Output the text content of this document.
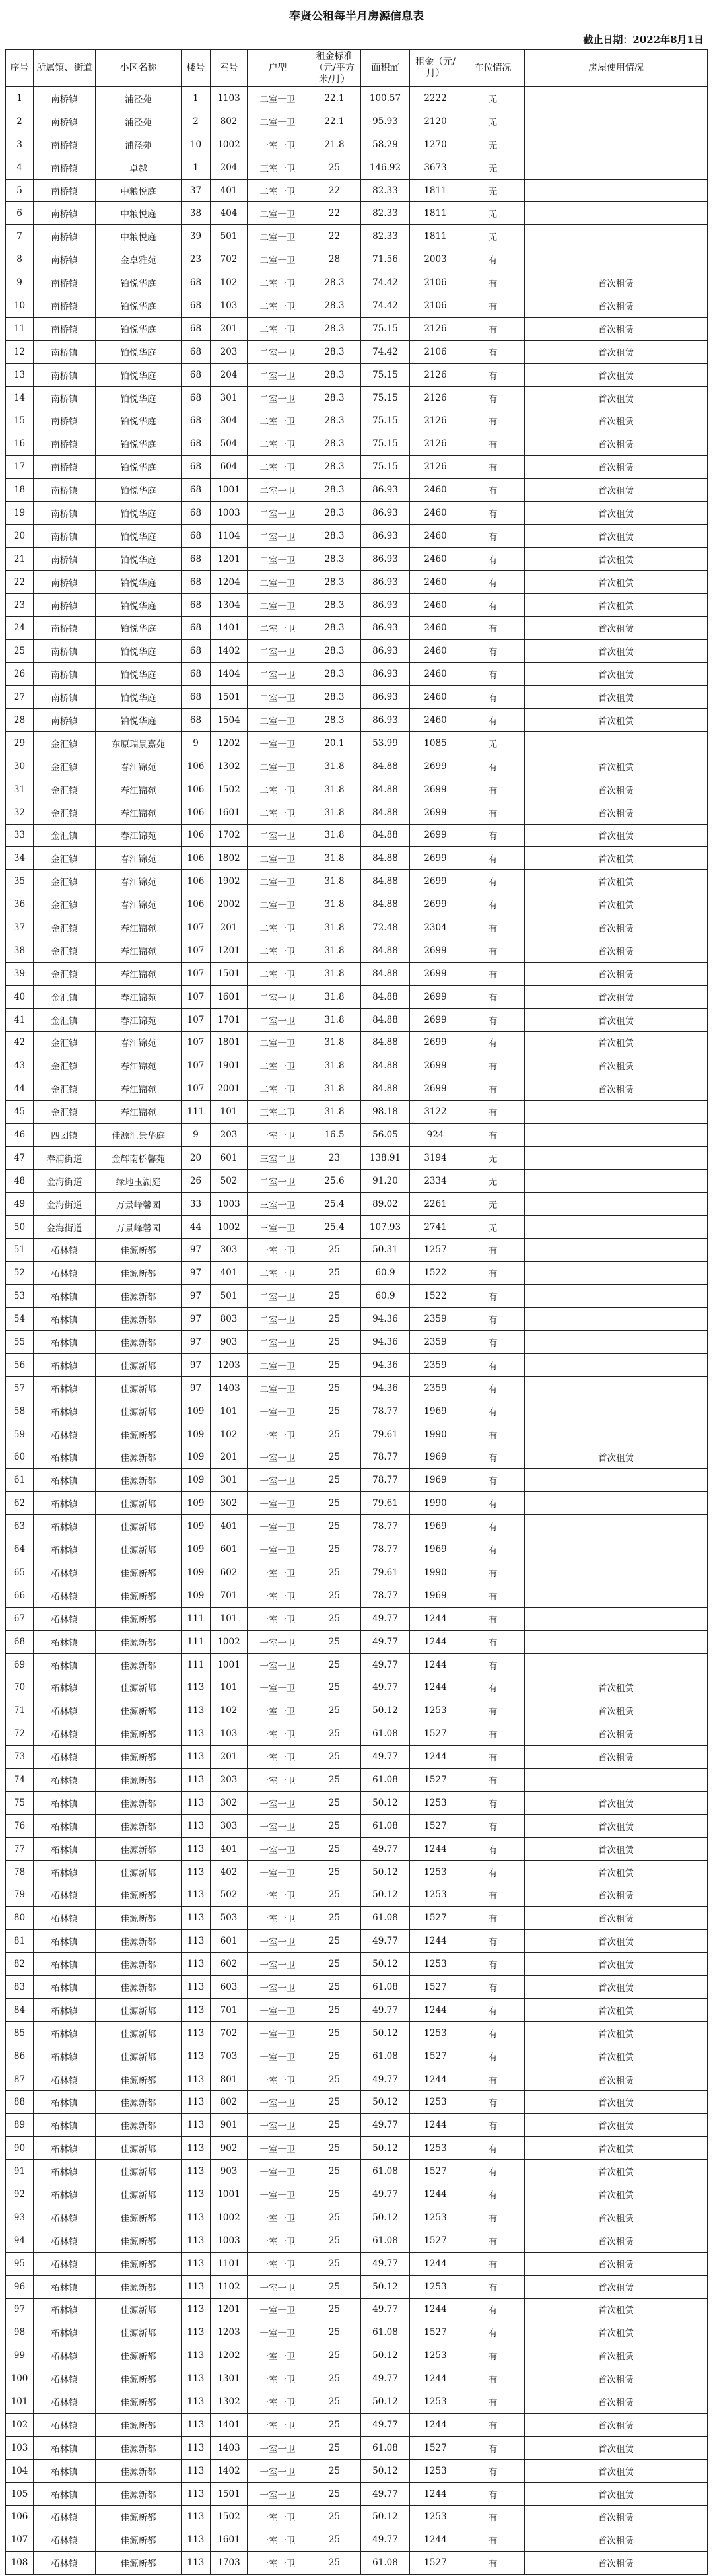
奉贤公租每半月房源信息表
截止日期：2022年8月1日
序号	所属镇、街道	小区名称	楼号	室号	户型	租金标准（元/平方米/月）	面积㎡	租金（元/月）	车位情况	房屋使用情况
1	南桥镇	浦泾苑	1	1103	二室一卫	22.1	100.57	2222	无	
2	南桥镇	浦泾苑	2	802	二室一卫	22.1	95.93	2120	无	
3	南桥镇	浦泾苑	10	1002	一室一卫	21.8	58.29	1270	无	
4	南桥镇	卓越	1	204	三室一卫	25	146.92	3673	无	
5	南桥镇	中粮悦庭	37	401	二室一卫	22	82.33	1811	无	
6	南桥镇	中粮悦庭	38	404	二室一卫	22	82.33	1811	无	
7	南桥镇	中粮悦庭	39	501	二室一卫	22	82.33	1811	无	
8	南桥镇	金卓雅苑	23	702	二室一卫	28	71.56	2003	有	
9	南桥镇	铂悦华庭	68	102	二室一卫	28.3	74.42	2106	有	首次租赁
10	南桥镇	铂悦华庭	68	103	二室一卫	28.3	74.42	2106	有	首次租赁
11	南桥镇	铂悦华庭	68	201	二室一卫	28.3	75.15	2126	有	首次租赁
12	南桥镇	铂悦华庭	68	203	二室一卫	28.3	74.42	2106	有	首次租赁
13	南桥镇	铂悦华庭	68	204	二室一卫	28.3	75.15	2126	有	首次租赁
14	南桥镇	铂悦华庭	68	301	二室一卫	28.3	75.15	2126	有	首次租赁
15	南桥镇	铂悦华庭	68	304	二室一卫	28.3	75.15	2126	有	首次租赁
16	南桥镇	铂悦华庭	68	504	二室一卫	28.3	75.15	2126	有	首次租赁
17	南桥镇	铂悦华庭	68	604	二室一卫	28.3	75.15	2126	有	首次租赁
18	南桥镇	铂悦华庭	68	1001	二室一卫	28.3	86.93	2460	有	首次租赁
19	南桥镇	铂悦华庭	68	1003	二室一卫	28.3	86.93	2460	有	首次租赁
20	南桥镇	铂悦华庭	68	1104	二室一卫	28.3	86.93	2460	有	首次租赁
21	南桥镇	铂悦华庭	68	1201	二室一卫	28.3	86.93	2460	有	首次租赁
22	南桥镇	铂悦华庭	68	1204	二室一卫	28.3	86.93	2460	有	首次租赁
23	南桥镇	铂悦华庭	68	1304	二室一卫	28.3	86.93	2460	有	首次租赁
24	南桥镇	铂悦华庭	68	1401	二室一卫	28.3	86.93	2460	有	首次租赁
25	南桥镇	铂悦华庭	68	1402	二室一卫	28.3	86.93	2460	有	首次租赁
26	南桥镇	铂悦华庭	68	1404	二室一卫	28.3	86.93	2460	有	首次租赁
27	南桥镇	铂悦华庭	68	1501	二室一卫	28.3	86.93	2460	有	首次租赁
28	南桥镇	铂悦华庭	68	1504	二室一卫	28.3	86.93	2460	有	首次租赁
29	金汇镇	东原瑞景嘉苑	9	1202	一室一卫	20.1	53.99	1085	无	
30	金汇镇	春江锦苑	106	1302	二室一卫	31.8	84.88	2699	有	首次租赁
31	金汇镇	春江锦苑	106	1502	二室一卫	31.8	84.88	2699	有	首次租赁
32	金汇镇	春江锦苑	106	1601	二室一卫	31.8	84.88	2699	有	首次租赁
33	金汇镇	春江锦苑	106	1702	二室一卫	31.8	84.88	2699	有	首次租赁
34	金汇镇	春江锦苑	106	1802	二室一卫	31.8	84.88	2699	有	首次租赁
35	金汇镇	春江锦苑	106	1902	二室一卫	31.8	84.88	2699	有	首次租赁
36	金汇镇	春江锦苑	106	2002	二室一卫	31.8	84.88	2699	有	首次租赁
37	金汇镇	春江锦苑	107	201	二室一卫	31.8	72.48	2304	有	首次租赁
38	金汇镇	春江锦苑	107	1201	二室一卫	31.8	84.88	2699	有	首次租赁
39	金汇镇	春江锦苑	107	1501	二室一卫	31.8	84.88	2699	有	首次租赁
40	金汇镇	春江锦苑	107	1601	二室一卫	31.8	84.88	2699	有	首次租赁
41	金汇镇	春江锦苑	107	1701	二室一卫	31.8	84.88	2699	有	首次租赁
42	金汇镇	春江锦苑	107	1801	二室一卫	31.8	84.88	2699	有	首次租赁
43	金汇镇	春江锦苑	107	1901	二室一卫	31.8	84.88	2699	有	首次租赁
44	金汇镇	春江锦苑	107	2001	二室一卫	31.8	84.88	2699	有	首次租赁
45	金汇镇	春江锦苑	111	101	三室二卫	31.8	98.18	3122	有	
46	四团镇	佳源汇景华庭	9	203	一室一卫	16.5	56.05	924	有	
47	奉浦街道	金辉南桥馨苑	20	601	三室二卫	23	138.91	3194	无	
48	金海街道	绿地玉湖庭	26	502	二室一卫	25.6	91.20	2334	无	
49	金海街道	万景峰馨园	33	1003	三室一卫	25.4	89.02	2261	无	
50	金海街道	万景峰馨园	44	1002	三室一卫	25.4	107.93	2741	无	
51	柘林镇	佳源新都	97	303	一室一卫	25	50.31	1257	有	
52	柘林镇	佳源新都	97	401	二室一卫	25	60.9	1522	有	
53	柘林镇	佳源新都	97	501	二室一卫	25	60.9	1522	有	
54	柘林镇	佳源新都	97	803	二室一卫	25	94.36	2359	有	
55	柘林镇	佳源新都	97	903	二室一卫	25	94.36	2359	有	
56	柘林镇	佳源新都	97	1203	二室一卫	25	94.36	2359	有	
57	柘林镇	佳源新都	97	1403	二室一卫	25	94.36	2359	有	
58	柘林镇	佳源新都	109	101	一室一卫	25	78.77	1969	有	
59	柘林镇	佳源新都	109	102	一室一卫	25	79.61	1990	有	
60	柘林镇	佳源新都	109	201	一室一卫	25	78.77	1969	有	首次租赁
61	柘林镇	佳源新都	109	301	一室一卫	25	78.77	1969	有	
62	柘林镇	佳源新都	109	302	一室一卫	25	79.61	1990	有	
63	柘林镇	佳源新都	109	401	一室一卫	25	78.77	1969	有	
64	柘林镇	佳源新都	109	601	一室一卫	25	78.77	1969	有	
65	柘林镇	佳源新都	109	602	一室一卫	25	79.61	1990	有	
66	柘林镇	佳源新都	109	701	一室一卫	25	78.77	1969	有	
67	柘林镇	佳源新都	111	101	一室一卫	25	49.77	1244	有	
68	柘林镇	佳源新都	111	1002	一室一卫	25	49.77	1244	有	
69	柘林镇	佳源新都	111	1001	一室一卫	25	49.77	1244	有	
70	柘林镇	佳源新都	113	101	一室一卫	25	49.77	1244	有	首次租赁
71	柘林镇	佳源新都	113	102	一室一卫	25	50.12	1253	有	首次租赁
72	柘林镇	佳源新都	113	103	一室一卫	25	61.08	1527	有	首次租赁
73	柘林镇	佳源新都	113	201	一室一卫	25	49.77	1244	有	首次租赁
74	柘林镇	佳源新都	113	203	一室一卫	25	61.08	1527	有	
75	柘林镇	佳源新都	113	302	一室一卫	25	50.12	1253	有	首次租赁
76	柘林镇	佳源新都	113	303	一室一卫	25	61.08	1527	有	首次租赁
77	柘林镇	佳源新都	113	401	一室一卫	25	49.77	1244	有	首次租赁
78	柘林镇	佳源新都	113	402	一室一卫	25	50.12	1253	有	首次租赁
79	柘林镇	佳源新都	113	502	一室一卫	25	50.12	1253	有	首次租赁
80	柘林镇	佳源新都	113	503	一室一卫	25	61.08	1527	有	首次租赁
81	柘林镇	佳源新都	113	601	一室一卫	25	49.77	1244	有	首次租赁
82	柘林镇	佳源新都	113	602	一室一卫	25	50.12	1253	有	首次租赁
83	柘林镇	佳源新都	113	603	一室一卫	25	61.08	1527	有	首次租赁
84	柘林镇	佳源新都	113	701	一室一卫	25	49.77	1244	有	首次租赁
85	柘林镇	佳源新都	113	702	一室一卫	25	50.12	1253	有	首次租赁
86	柘林镇	佳源新都	113	703	一室一卫	25	61.08	1527	有	首次租赁
87	柘林镇	佳源新都	113	801	一室一卫	25	49.77	1244	有	首次租赁
88	柘林镇	佳源新都	113	802	一室一卫	25	50.12	1253	有	首次租赁
89	柘林镇	佳源新都	113	901	一室一卫	25	49.77	1244	有	首次租赁
90	柘林镇	佳源新都	113	902	一室一卫	25	50.12	1253	有	首次租赁
91	柘林镇	佳源新都	113	903	一室一卫	25	61.08	1527	有	首次租赁
92	柘林镇	佳源新都	113	1001	一室一卫	25	49.77	1244	有	首次租赁
93	柘林镇	佳源新都	113	1002	一室一卫	25	50.12	1253	有	首次租赁
94	柘林镇	佳源新都	113	1003	一室一卫	25	61.08	1527	有	首次租赁
95	柘林镇	佳源新都	113	1101	一室一卫	25	49.77	1244	有	首次租赁
96	柘林镇	佳源新都	113	1102	一室一卫	25	50.12	1253	有	首次租赁
97	柘林镇	佳源新都	113	1201	一室一卫	25	49.77	1244	有	首次租赁
98	柘林镇	佳源新都	113	1203	一室一卫	25	61.08	1527	有	首次租赁
99	柘林镇	佳源新都	113	1202	一室一卫	25	50.12	1253	有	首次租赁
100	柘林镇	佳源新都	113	1301	一室一卫	25	49.77	1244	有	首次租赁
101	柘林镇	佳源新都	113	1302	一室一卫	25	50.12	1253	有	首次租赁
102	柘林镇	佳源新都	113	1401	一室一卫	25	49.77	1244	有	首次租赁
103	柘林镇	佳源新都	113	1403	一室一卫	25	61.08	1527	有	首次租赁
104	柘林镇	佳源新都	113	1402	一室一卫	25	50.12	1253	有	首次租赁
105	柘林镇	佳源新都	113	1501	一室一卫	25	49.77	1244	有	首次租赁
106	柘林镇	佳源新都	113	1502	一室一卫	25	50.12	1253	有	首次租赁
107	柘林镇	佳源新都	113	1601	一室一卫	25	49.77	1244	有	首次租赁
108	柘林镇	佳源新都	113	1703	一室一卫	25	61.08	1527	有	首次租赁
